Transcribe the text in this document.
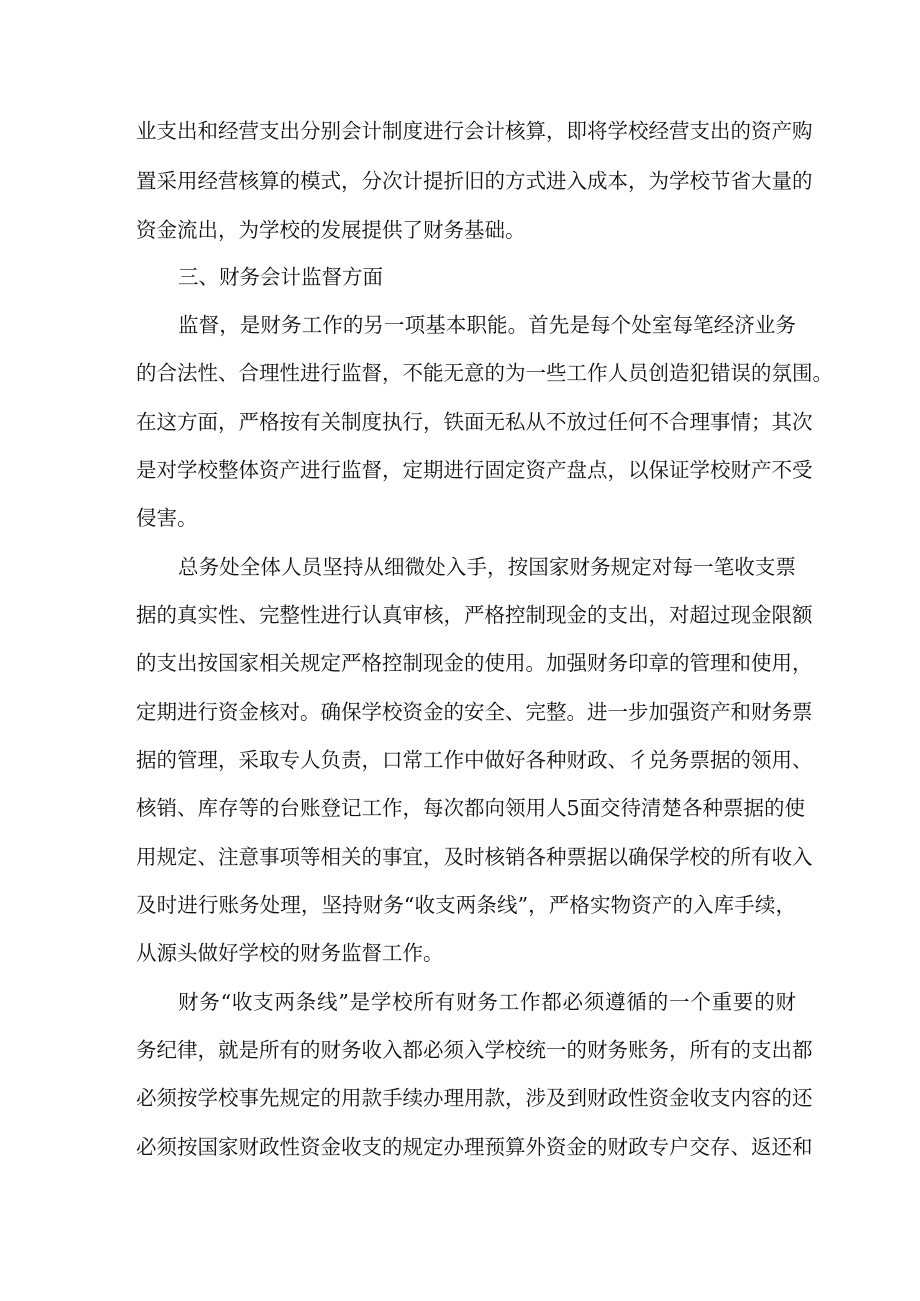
业支出和经营支出分别会计制度进行会计核算，即将学校经营支出的资产购
置采用经营核算的模式，分次计提折旧的方式进入成本，为学校节省大量的
资金流出，为学校的发展提供了财务基础。
三、财务会计监督方面
监督，是财务工作的另一项基本职能。首先是每个处室每笔经济业务
的合法性、合理性进行监督，不能无意的为一些工作人员创造犯错误的氛围。
在这方面，严格按有关制度执行，铁面无私从不放过任何不合理事情；其次
是对学校整体资产进行监督，定期进行固定资产盘点，以保证学校财产不受
侵害。
总务处全体人员坚持从细微处入手，按国家财务规定对每一笔收支票
据的真实性、完整性进行认真审核，严格控制现金的支出，对超过现金限额
的支出按国家相关规定严格控制现金的使用。加强财务印章的管理和使用，
定期进行资金核对。确保学校资金的安全、完整。进一步加强资产和财务票
据的管理，采取专人负责，口常工作中做好各种财政、彳兑务票据的领用、
核销、库存等的台账登记工作，每次都向领用人5面交待清楚各种票据的使
用规定、注意事项等相关的事宜，及时核销各种票据以确保学校的所有收入
及时进行账务处理，坚持财务“收支两条线”，严格实物资产的入库手续，
从源头做好学校的财务监督工作。
财务“收支两条线”是学校所有财务工作都必须遵循的一个重要的财
务纪律，就是所有的财务收入都必须入学校统一的财务账务，所有的支出都
必须按学校事先规定的用款手续办理用款，涉及到财政性资金收支内容的还
必须按国家财政性资金收支的规定办理预算外资金的财政专户交存、返还和
